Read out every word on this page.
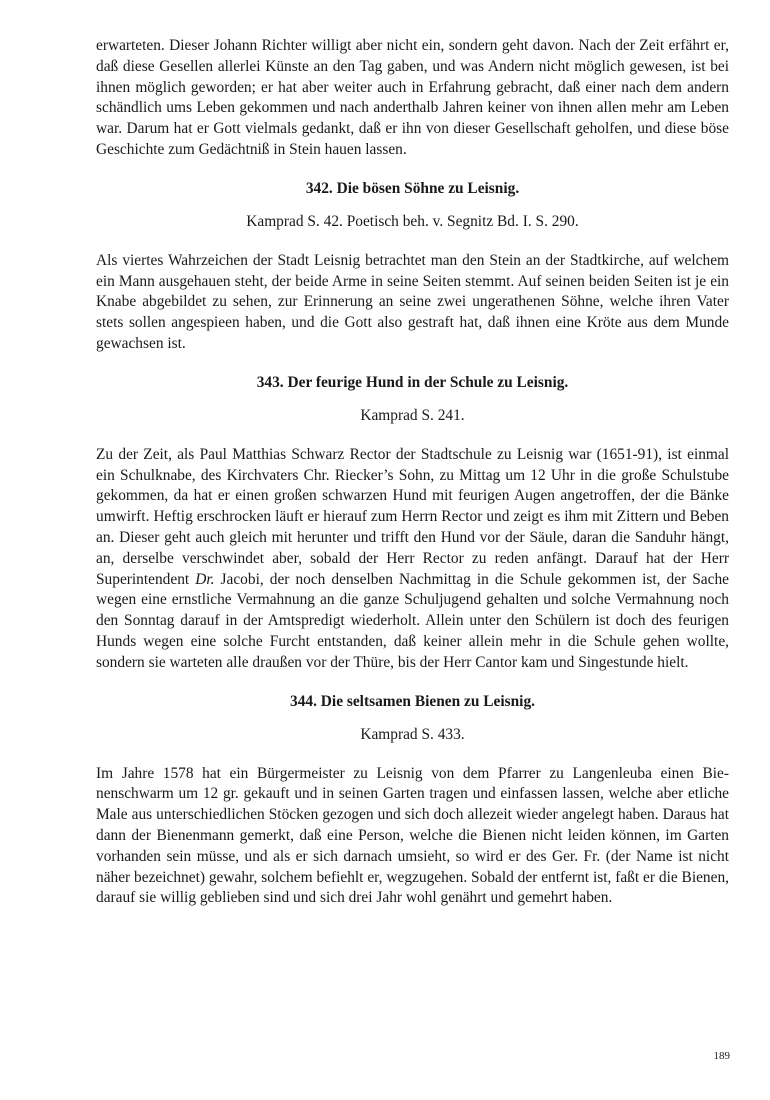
erwarteten. Dieser Johann Richter willigt aber nicht ein, sondern geht davon. Nach der Zeit erfährt er, daß diese Gesellen allerlei Künste an den Tag gaben, und was Andern nicht möglich gewesen, ist bei ihnen möglich geworden; er hat aber weiter auch in Erfahrung gebracht, daß einer nach dem andern schändlich ums Leben gekommen und nach anderthalb Jahren keiner von ihnen allen mehr am Leben war. Darum hat er Gott vielmals gedankt, daß er ihn von dieser Gesellschaft geholfen, und diese böse Geschichte zum Gedächtniß in Stein hauen lassen.

342. Die bösen Söhne zu Leisnig.

Kamprad S. 42. Poetisch beh. v. Segnitz Bd. I. S. 290.

Als viertes Wahrzeichen der Stadt Leisnig betrachtet man den Stein an der Stadtkirche, auf welchem ein Mann ausgehauen steht, der beide Arme in seine Seiten stemmt. Auf seinen beiden Seiten ist je ein Knabe abgebildet zu sehen, zur Erinnerung an seine zwei ungerathenen Söhne, welche ihren Vater stets sollen angespieen haben, und die Gott also gestraft hat, daß ihnen eine Kröte aus dem Munde gewachsen ist.

343. Der feurige Hund in der Schule zu Leisnig.

Kamprad S. 241.

Zu der Zeit, als Paul Matthias Schwarz Rector der Stadtschule zu Leisnig war (1651-91), ist einmal ein Schulknabe, des Kirchvaters Chr. Riecker’s Sohn, zu Mittag um 12 Uhr in die große Schulstube gekommen, da hat er einen großen schwarzen Hund mit feurigen Augen angetroffen, der die Bänke umwirft. Heftig erschrocken läuft er hierauf zum Herrn Rector und zeigt es ihm mit Zittern und Beben an. Dieser geht auch gleich mit herunter und trifft den Hund vor der Säule, daran die Sanduhr hängt, an, derselbe verschwindet aber, sobald der Herr Rector zu reden anfängt. Darauf hat der Herr Superintendent Dr. Jacobi, der noch denselben Nachmittag in die Schule gekommen ist, der Sache wegen eine ernstliche Vermahnung an die ganze Schuljugend gehalten und solche Vermahnung noch den Sonntag darauf in der Amtspredigt wiederholt. Allein unter den Schülern ist doch des feurigen Hunds wegen eine solche Furcht entstanden, daß keiner allein mehr in die Schule gehen wollte, sondern sie warteten alle draußen vor der Thüre, bis der Herr Cantor kam und Singestunde hielt.

344. Die seltsamen Bienen zu Leisnig.

Kamprad S. 433.

Im Jahre 1578 hat ein Bürgermeister zu Leisnig von dem Pfarrer zu Langenleuba einen Bienenschwarm um 12 gr. gekauft und in seinen Garten tragen und einfassen lassen, welche aber etliche Male aus unterschiedlichen Stöcken gezogen und sich doch allezeit wieder angelegt haben. Daraus hat dann der Bienenmann gemerkt, daß eine Person, welche die Bienen nicht leiden können, im Garten vorhanden sein müsse, und als er sich darnach umsieht, so wird er des Ger. Fr. (der Name ist nicht näher bezeichnet) gewahr, solchem befiehlt er, wegzugehen. Sobald der entfernt ist, faßt er die Bienen, darauf sie willig geblieben sind und sich drei Jahr wohl genährt und gemehrt haben.

189
